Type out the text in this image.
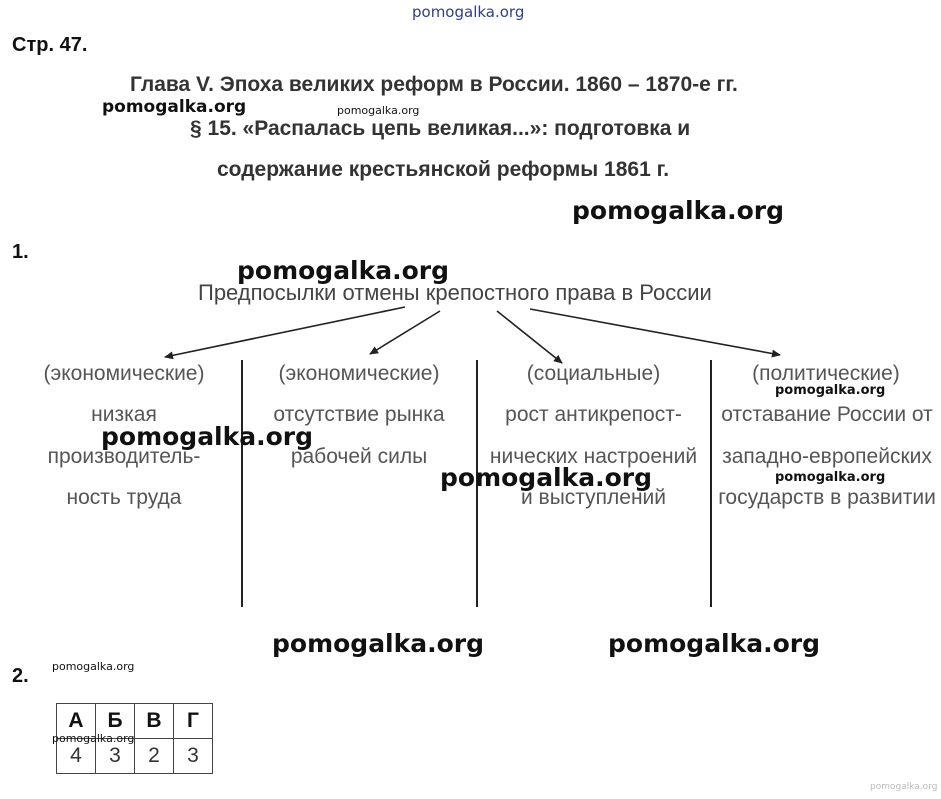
pomogalka.org
Стр. 47.
Глава V. Эпоха великих реформ в России. 1860 – 1870-е гг.
pomogalka.org	pomogalka.org
§ 15. «Распалась цепь великая...»: подготовка и
содержание крестьянской реформы 1861 г.
pomogalka.org
1.
pomogalka.org
Предпосылки отмены крепостного права в России
(экономические)
низкая производитель-ность труда
(экономические)
отсутствие рынка рабочей силы
(социальные)
рост антикрепост-нических настроений и выступлений
(политические)
отставание России от западно-европейских государств в развитии
pomogalka.org
pomogalka.org
pomogalka.org	pomogalka.org
pomogalka.org	pomogalka.org
pomogalka.org
2.
А	Б	В	Г
4	3	2	3
pomogalka.org
pomogalka.org
